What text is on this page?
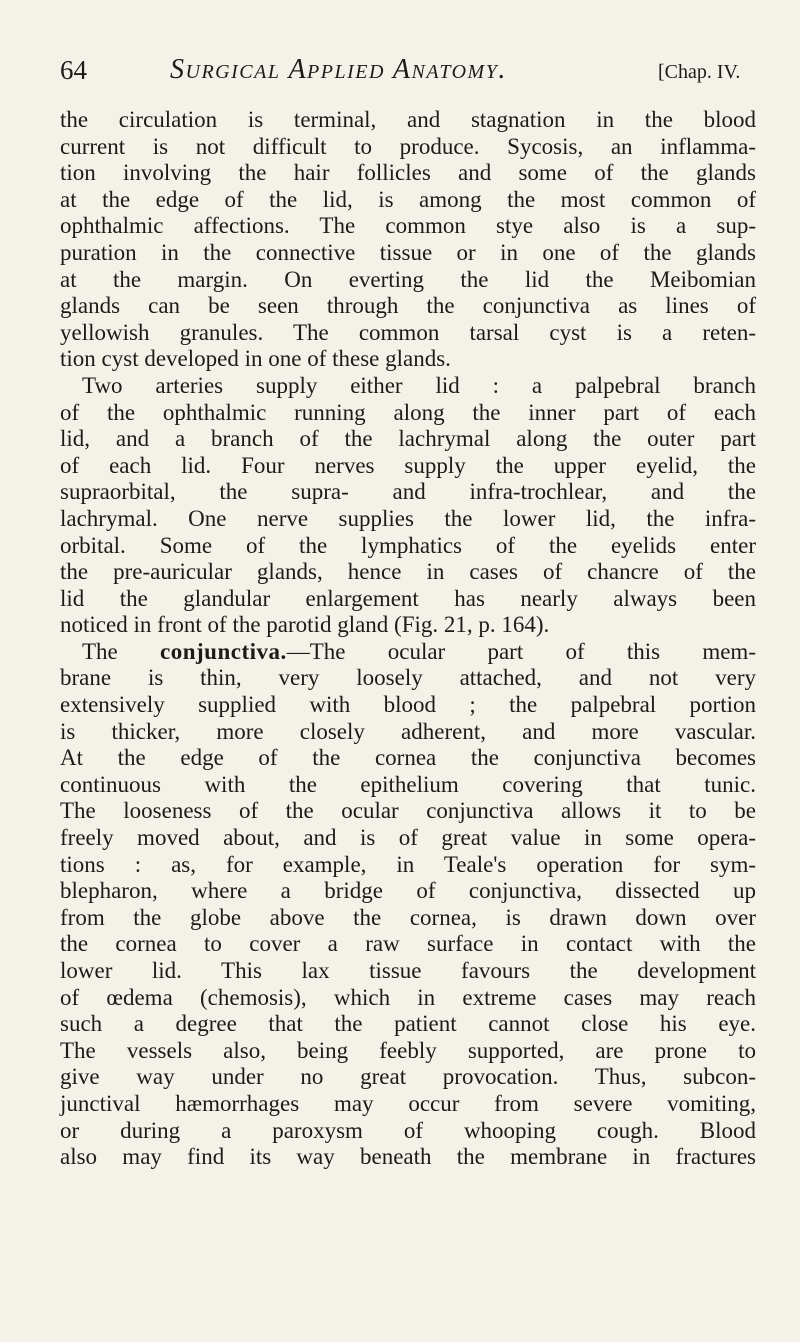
64	Surgical Applied Anatomy.	[Chap. IV.
the circulation is terminal, and stagnation in the blood
current is not difficult to produce. Sycosis, an inflamma-
tion involving the hair follicles and some of the glands
at the edge of the lid, is among the most common of
ophthalmic affections. The common stye also is a sup-
puration in the connective tissue or in one of the glands
at the margin. On everting the lid the Meibomian
glands can be seen through the conjunctiva as lines of
yellowish granules. The common tarsal cyst is a reten-
tion cyst developed in one of these glands.
Two arteries supply either lid : a palpebral branch
of the ophthalmic running along the inner part of each
lid, and a branch of the lachrymal along the outer part
of each lid. Four nerves supply the upper eyelid, the
supraorbital, the supra- and infra-trochlear, and the
lachrymal. One nerve supplies the lower lid, the infra-
orbital. Some of the lymphatics of the eyelids enter
the pre-auricular glands, hence in cases of chancre of the
lid the glandular enlargement has nearly always been
noticed in front of the parotid gland (Fig. 21, p. 164).
The conjunctiva.—The ocular part of this mem-
brane is thin, very loosely attached, and not very
extensively supplied with blood ; the palpebral portion
is thicker, more closely adherent, and more vascular.
At the edge of the cornea the conjunctiva becomes
continuous with the epithelium covering that tunic.
The looseness of the ocular conjunctiva allows it to be
freely moved about, and is of great value in some opera-
tions : as, for example, in Teale's operation for sym-
blepharon, where a bridge of conjunctiva, dissected up
from the globe above the cornea, is drawn down over
the cornea to cover a raw surface in contact with the
lower lid. This lax tissue favours the development
of œdema (chemosis), which in extreme cases may reach
such a degree that the patient cannot close his eye.
The vessels also, being feebly supported, are prone to
give way under no great provocation. Thus, subcon-
junctival hæmorrhages may occur from severe vomiting,
or during a paroxysm of whooping cough. Blood
also may find its way beneath the membrane in fractures
